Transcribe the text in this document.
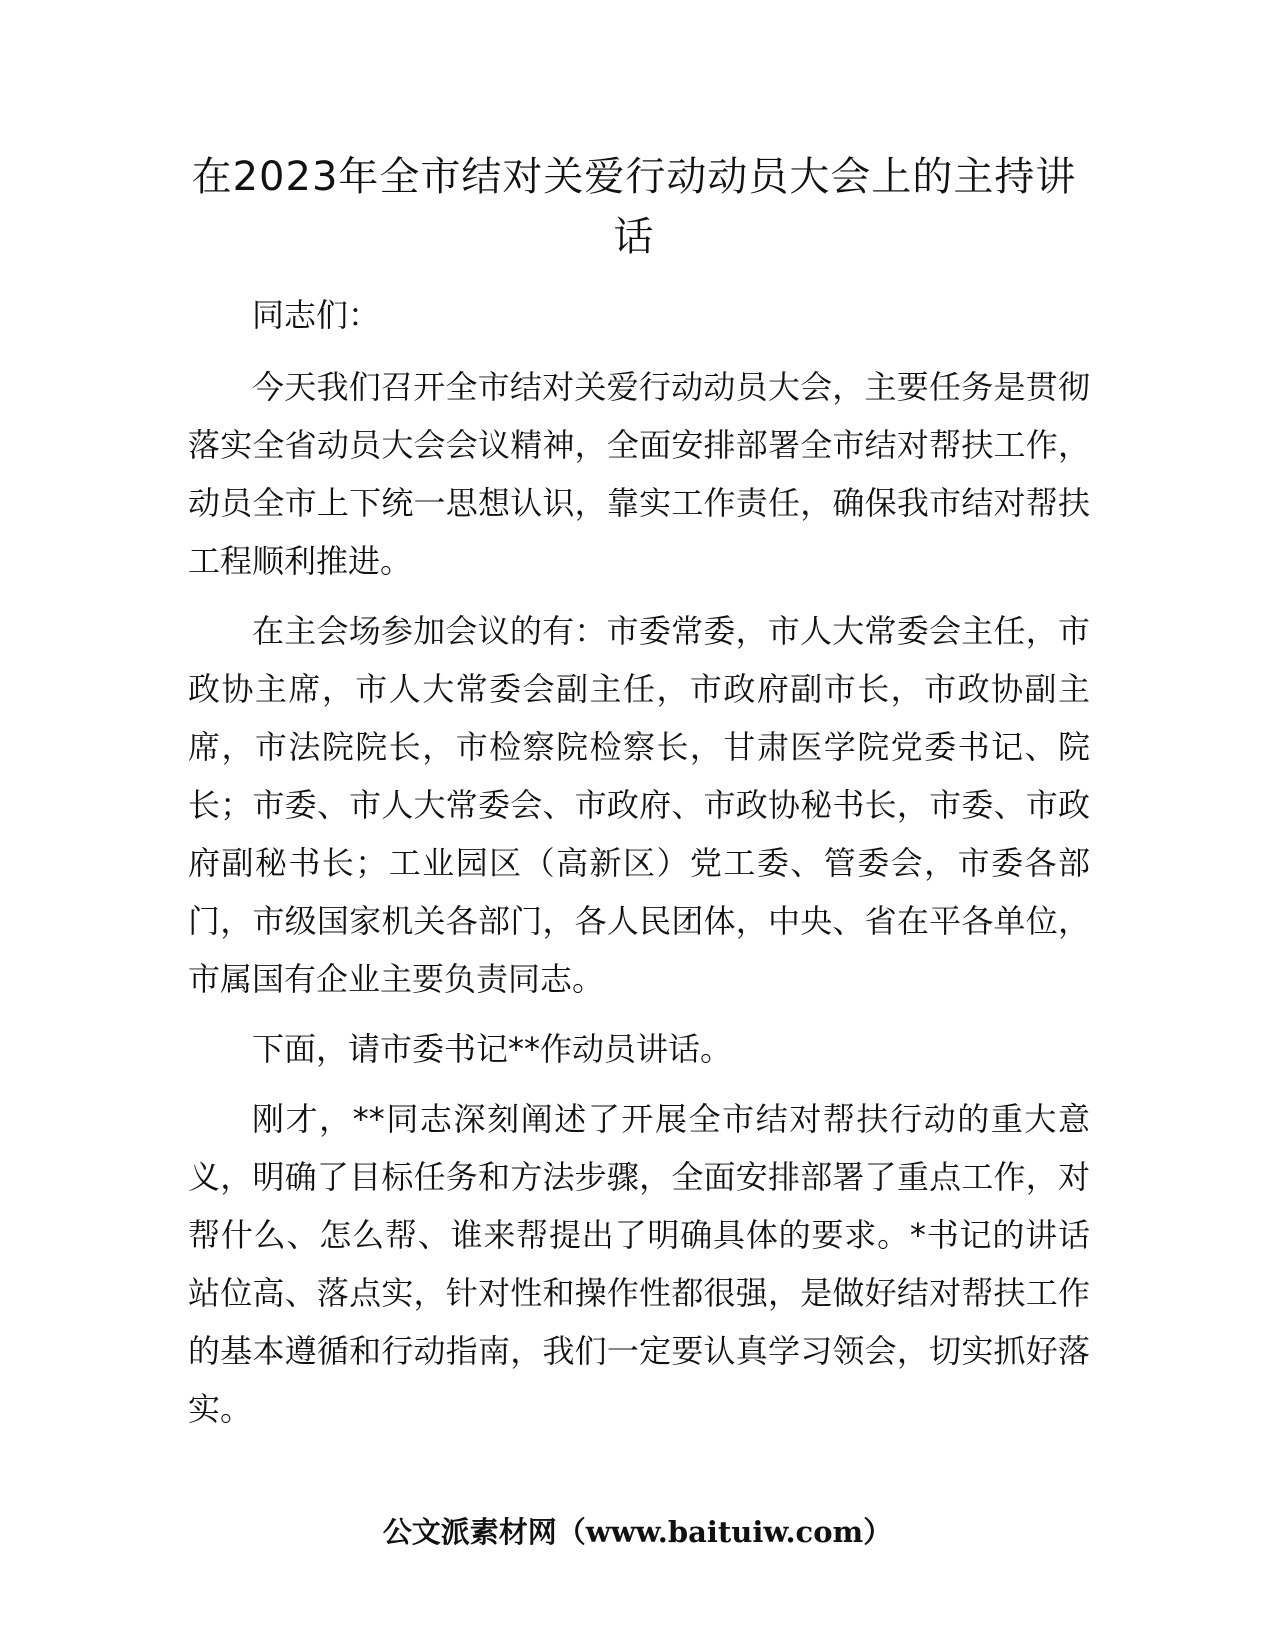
在2023年全市结对关爱行动动员大会上的主持讲话

同志们：

今天我们召开全市结对关爱行动动员大会，主要任务是贯彻落实全省动员大会会议精神，全面安排部署全市结对帮扶工作，动员全市上下统一思想认识，靠实工作责任，确保我市结对帮扶工程顺利推进。

在主会场参加会议的有：市委常委，市人大常委会主任，市政协主席，市人大常委会副主任，市政府副市长，市政协副主席，市法院院长，市检察院检察长，甘肃医学院党委书记、院长；市委、市人大常委会、市政府、市政协秘书长，市委、市政府副秘书长；工业园区（高新区）党工委、管委会，市委各部门，市级国家机关各部门，各人民团体，中央、省在平各单位，市属国有企业主要负责同志。

下面，请市委书记**作动员讲话。

刚才，**同志深刻阐述了开展全市结对帮扶行动的重大意义，明确了目标任务和方法步骤，全面安排部署了重点工作，对帮什么、怎么帮、谁来帮提出了明确具体的要求。*书记的讲话站位高、落点实，针对性和操作性都很强，是做好结对帮扶工作的基本遵循和行动指南，我们一定要认真学习领会，切实抓好落实。

公文派素材网（www.baituiw.com）
